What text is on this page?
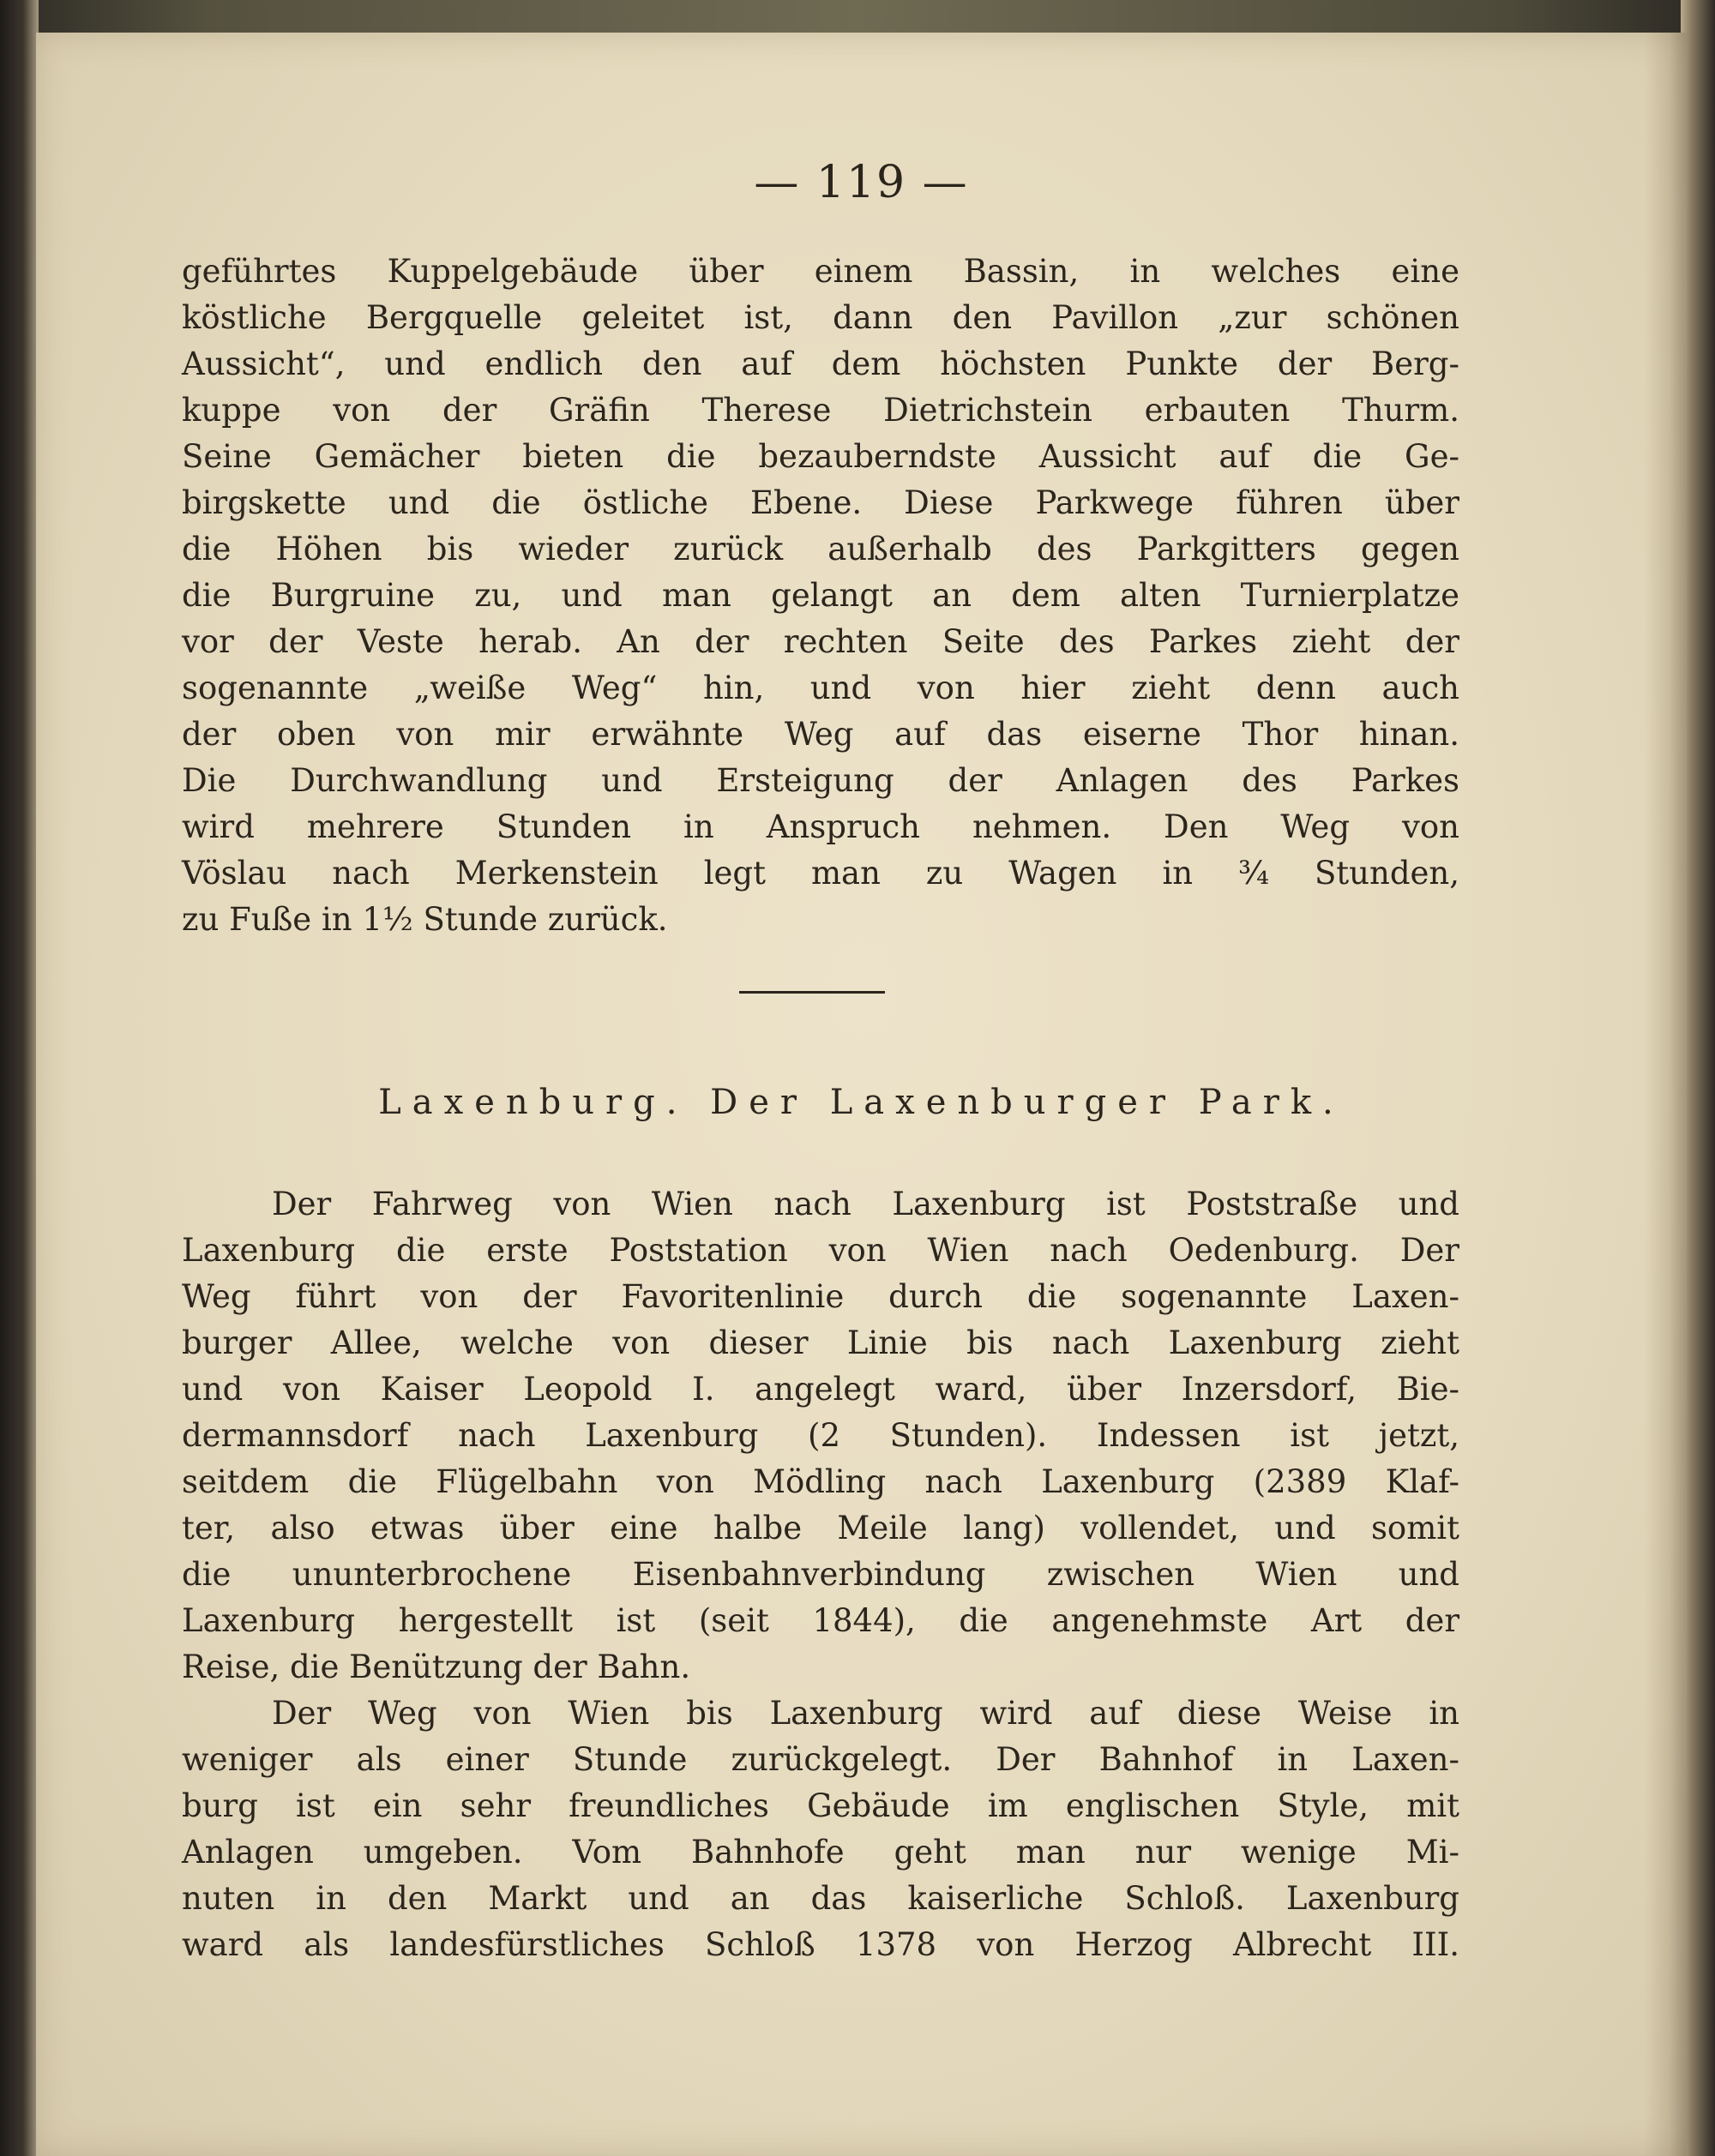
— 119 —
geführtes Kuppelgebäude über einem Bassin, in welches eine
köstliche Bergquelle geleitet ist, dann den Pavillon „zur schönen
Aussicht“, und endlich den auf dem höchsten Punkte der Berg-
kuppe von der Gräfin Therese Dietrichstein erbauten Thurm.
Seine Gemächer bieten die bezauberndste Aussicht auf die Ge-
birgskette und die östliche Ebene. Diese Parkwege führen über
die Höhen bis wieder zurück außerhalb des Parkgitters gegen
die Burgruine zu, und man gelangt an dem alten Turnierplatze
vor der Veste herab. An der rechten Seite des Parkes zieht der
sogenannte „weiße Weg“ hin, und von hier zieht denn auch
der oben von mir erwähnte Weg auf das eiserne Thor hinan.
Die Durchwandlung und Ersteigung der Anlagen des Parkes
wird mehrere Stunden in Anspruch nehmen. Den Weg von
Vöslau nach Merkenstein legt man zu Wagen in ¾ Stunden,
zu Fuße in 1½ Stunde zurück.
Laxenburg. Der Laxenburger Park.
Der Fahrweg von Wien nach Laxenburg ist Poststraße und
Laxenburg die erste Poststation von Wien nach Oedenburg. Der
Weg führt von der Favoritenlinie durch die sogenannte Laxen-
burger Allee, welche von dieser Linie bis nach Laxenburg zieht
und von Kaiser Leopold I. angelegt ward, über Inzersdorf, Bie-
dermannsdorf nach Laxenburg (2 Stunden). Indessen ist jetzt,
seitdem die Flügelbahn von Mödling nach Laxenburg (2389 Klaf-
ter, also etwas über eine halbe Meile lang) vollendet, und somit
die ununterbrochene Eisenbahnverbindung zwischen Wien und
Laxenburg hergestellt ist (seit 1844), die angenehmste Art der
Reise, die Benützung der Bahn.
Der Weg von Wien bis Laxenburg wird auf diese Weise in
weniger als einer Stunde zurückgelegt. Der Bahnhof in Laxen-
burg ist ein sehr freundliches Gebäude im englischen Style, mit
Anlagen umgeben. Vom Bahnhofe geht man nur wenige Mi-
nuten in den Markt und an das kaiserliche Schloß. Laxenburg
ward als landesfürstliches Schloß 1378 von Herzog Albrecht III.
